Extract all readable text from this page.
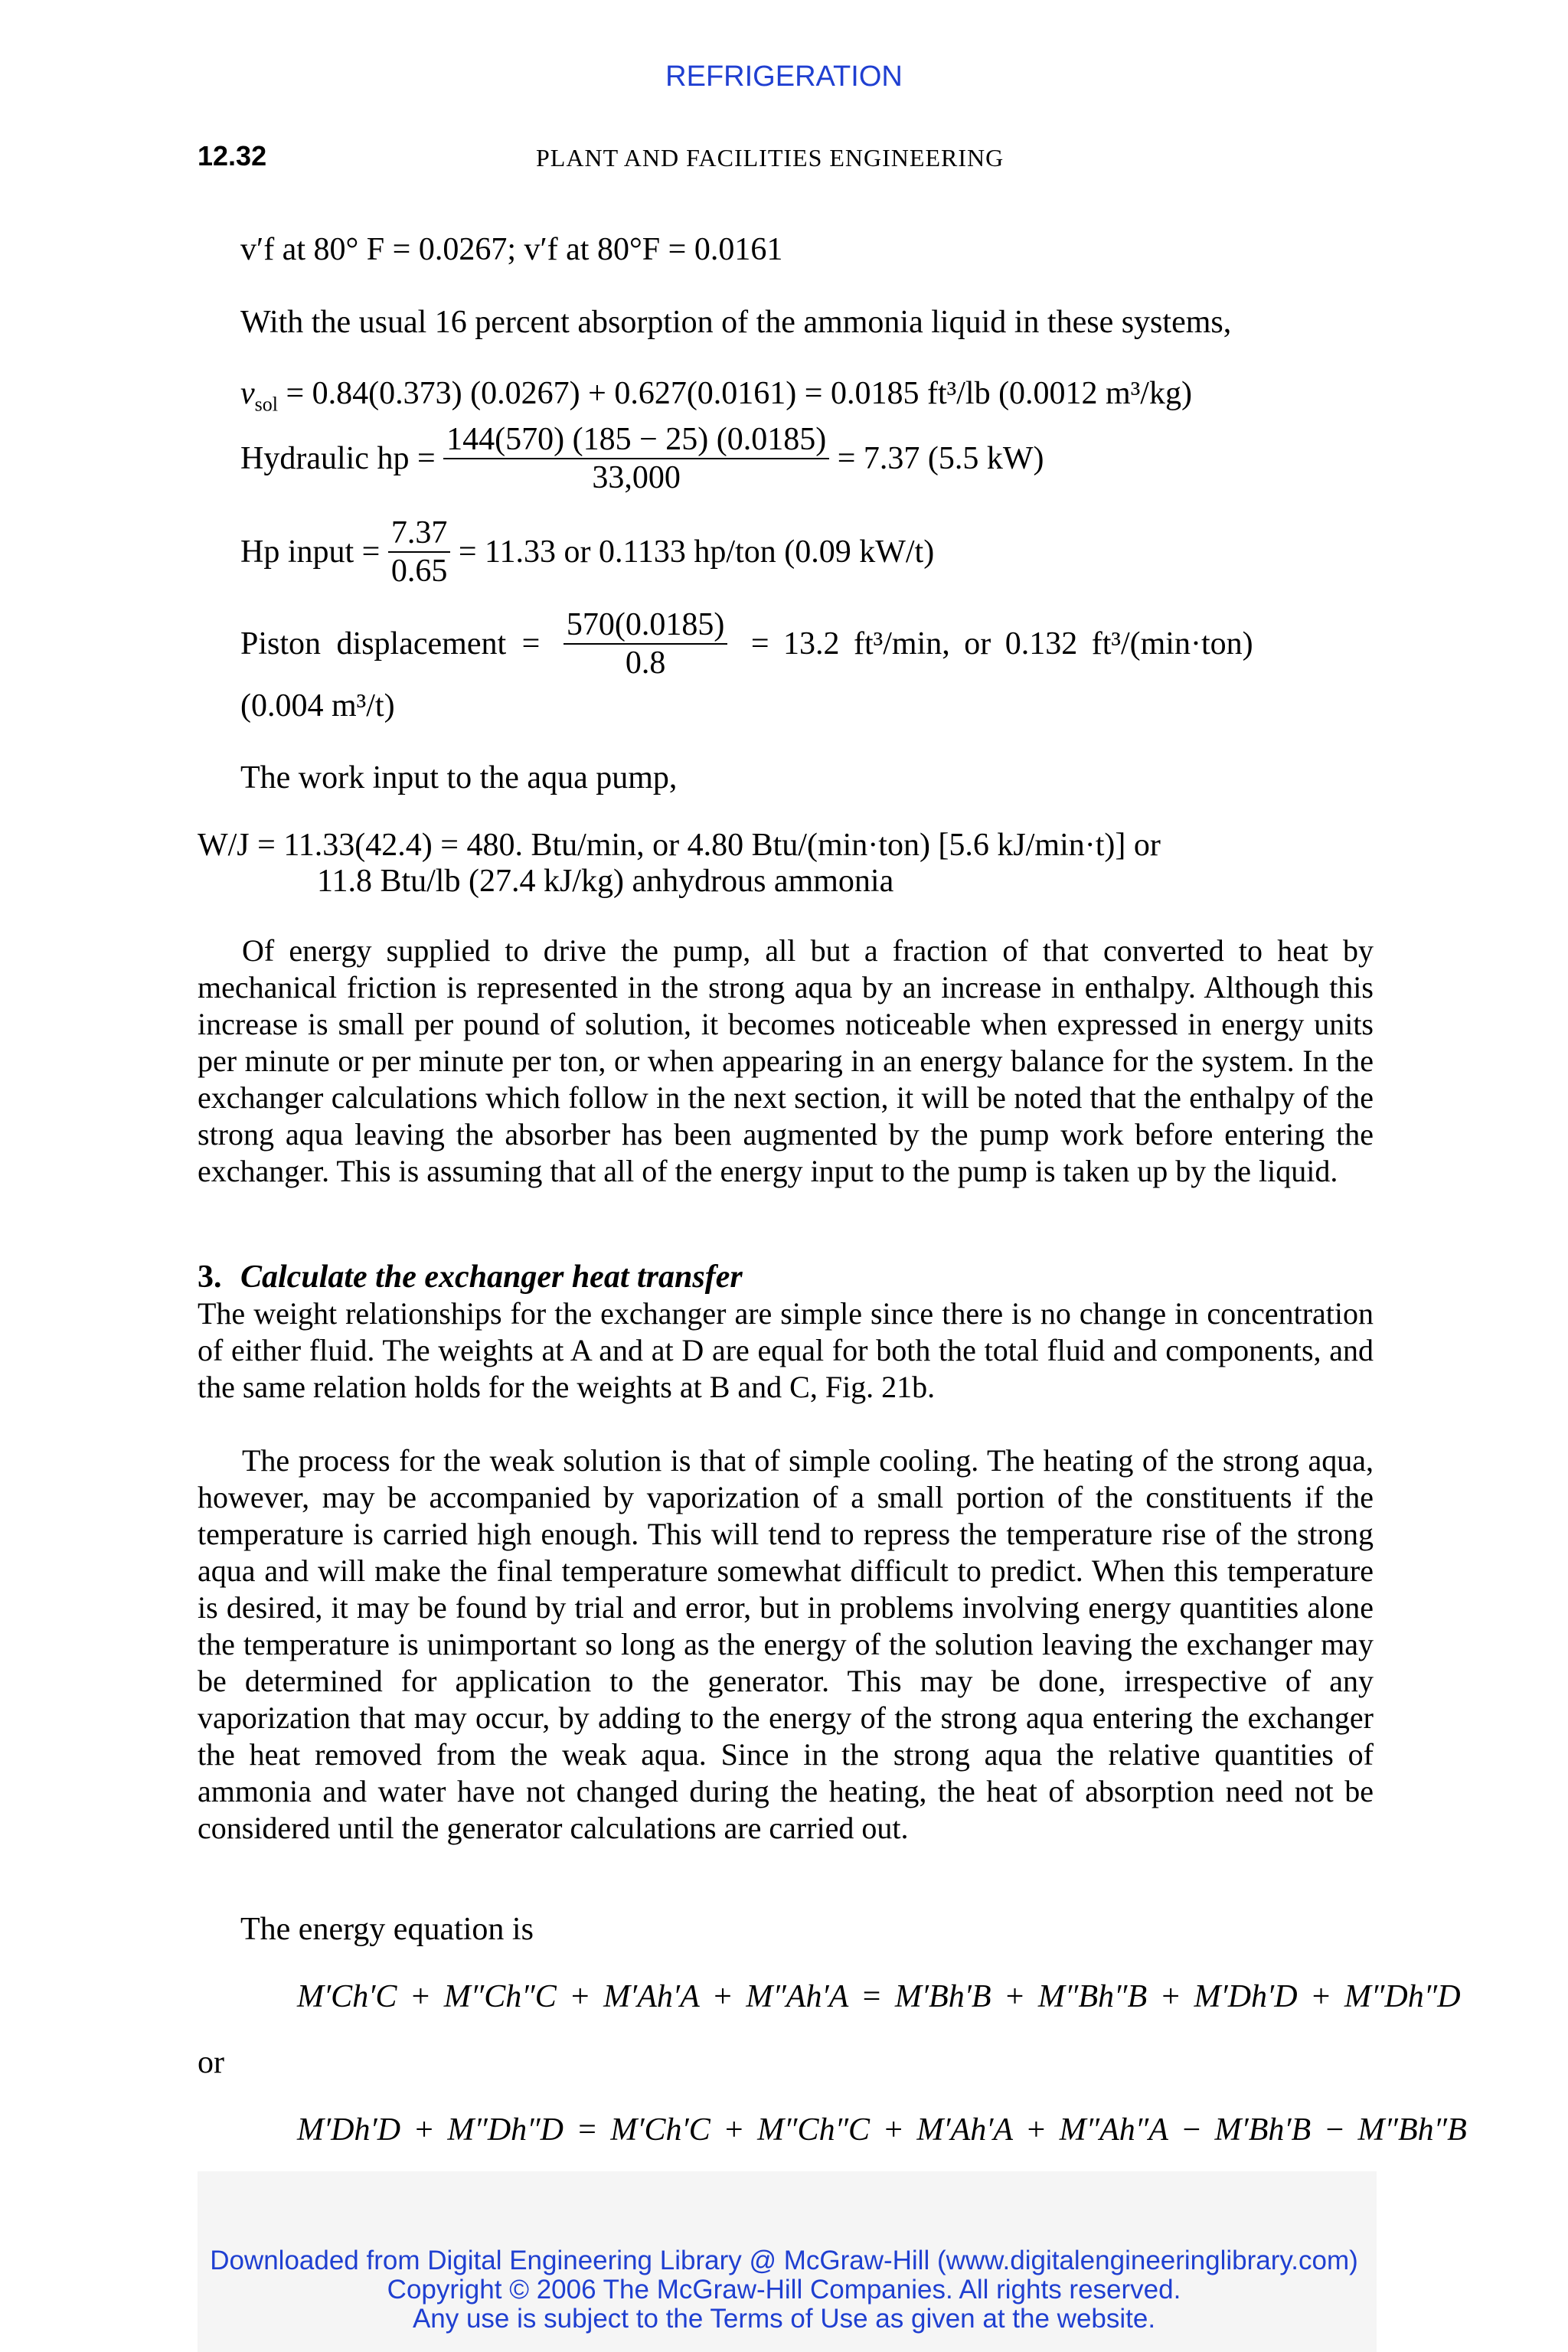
REFRIGERATION
12.32	PLANT AND FACILITIES ENGINEERING
v′f at 80° F = 0.0267; v′f at 80°F = 0.0161
With the usual 16 percent absorption of the ammonia liquid in these systems,
$v_{sol} = 0.84(0.373) (0.0267) + 0.627(0.0161) = 0.0185$ ft³/lb (0.0012 m³/kg)
Hydraulic hp = $\frac{144(570) (185 - 25) (0.0185)}{33,000} = 7.37$ (5.5 kW)
Hp input = $\frac{7.37}{0.65} = 11.33$ or 0.1133 hp/ton (0.09 kW/t)
Piston displacement = $\frac{570(0.0185)}{0.8} = 13.2$ ft³/min, or 0.132 ft³/(min·ton)
(0.004 m³/t)
The work input to the aqua pump,
W/J = 11.33(42.4) = 480. Btu/min, or 4.80 Btu/(min·ton) [5.6 kJ/min·t)] or
11.8 Btu/lb (27.4 kJ/kg) anhydrous ammonia

Of energy supplied to drive the pump, all but a fraction of that converted to heat by mechanical friction is represented in the strong aqua by an increase in enthalpy. Although this increase is small per pound of solution, it becomes noticeable when expressed in energy units per minute or per minute per ton, or when appearing in an energy balance for the system. In the exchanger calculations which follow in the next section, it will be noted that the enthalpy of the strong aqua leaving the absorber has been augmented by the pump work before entering the exchanger. This is assuming that all of the energy input to the pump is taken up by the liquid.

3. Calculate the exchanger heat transfer

The weight relationships for the exchanger are simple since there is no change in concentration of either fluid. The weights at A and at D are equal for both the total fluid and components, and the same relation holds for the weights at B and C, Fig. 21b.

The process for the weak solution is that of simple cooling. The heating of the strong aqua, however, may be accompanied by vaporization of a small portion of the constituents if the temperature is carried high enough. This will tend to repress the temperature rise of the strong aqua and will make the final temperature somewhat difficult to predict. When this temperature is desired, it may be found by trial and error, but in problems involving energy quantities alone the temperature is unimportant so long as the energy of the solution leaving the exchanger may be determined for application to the generator. This may be done, irrespective of any vaporization that may occur, by adding to the energy of the strong aqua entering the exchanger the heat removed from the weak aqua. Since in the strong aqua the relative quantities of ammonia and water have not changed during the heating, the heat of absorption need not be considered until the generator calculations are carried out.

The energy equation is
M′Ch′C + M″Ch″C + M′Ah′A + M″Ah′A = M′Bh′B + M″Bh″B + M′Dh′D + M″Dh″D
or
M′Dh′D + M″Dh″D = M′Ch′C + M″Ch″C + M′Ah′A + M″Ah″A − M′Bh′B − M″Bh″B
Downloaded from Digital Engineering Library @ McGraw-Hill (www.digitalengineeringlibrary.com)
Copyright © 2006 The McGraw-Hill Companies. All rights reserved.
Any use is subject to the Terms of Use as given at the website.
